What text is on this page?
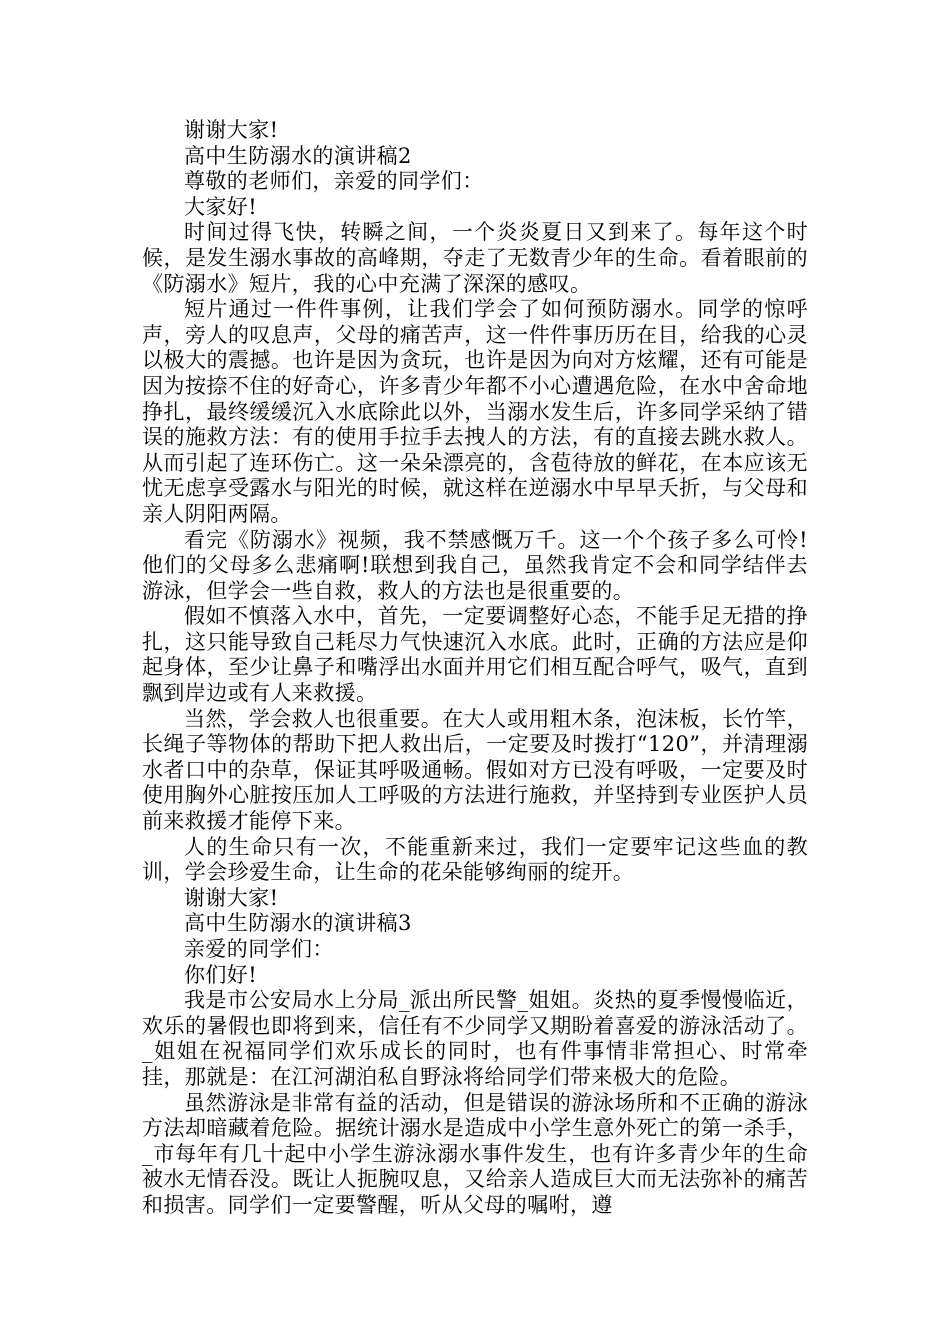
谢谢大家!

高中生防溺水的演讲稿2

尊敬的老师们，亲爱的同学们：

大家好!

时间过得飞快，转瞬之间，一个炎炎夏日又到来了。每年这个时候，是发生溺水事故的高峰期，夺走了无数青少年的生命。看着眼前的《防溺水》短片，我的心中充满了深深的感叹。

短片通过一件件事例，让我们学会了如何预防溺水。同学的惊呼声，旁人的叹息声，父母的痛苦声，这一件件事历历在目，给我的心灵以极大的震撼。也许是因为贪玩，也许是因为向对方炫耀，还有可能是因为按捺不住的好奇心，许多青少年都不小心遭遇危险，在水中舍命地挣扎，最终缓缓沉入水底除此以外，当溺水发生后，许多同学采纳了错误的施救方法：有的使用手拉手去拽人的方法，有的直接去跳水救人。从而引起了连环伤亡。这一朵朵漂亮的，含苞待放的鲜花，在本应该无忧无虑享受露水与阳光的时候，就这样在逆溺水中早早夭折，与父母和亲人阴阳两隔。

看完《防溺水》视频，我不禁感慨万千。这一个个孩子多么可怜!他们的父母多么悲痛啊!联想到我自己，虽然我肯定不会和同学结伴去游泳，但学会一些自救，救人的方法也是很重要的。

假如不慎落入水中，首先，一定要调整好心态，不能手足无措的挣扎，这只能导致自己耗尽力气快速沉入水底。此时，正确的方法应是仰起身体，至少让鼻子和嘴浮出水面并用它们相互配合呼气，吸气，直到飘到岸边或有人来救援。

当然，学会救人也很重要。在大人或用粗木条，泡沫板，长竹竿，长绳子等物体的帮助下把人救出后，一定要及时拨打“120”，并清理溺水者口中的杂草，保证其呼吸通畅。假如对方已没有呼吸，一定要及时使用胸外心脏按压加人工呼吸的方法进行施救，并坚持到专业医护人员前来救援才能停下来。

人的生命只有一次，不能重新来过，我们一定要牢记这些血的教训，学会珍爱生命，让生命的花朵能够绚丽的绽开。

谢谢大家!

高中生防溺水的演讲稿3

亲爱的同学们：

你们好!

我是市公安局水上分局_派出所民警_姐姐。炎热的夏季慢慢临近，欢乐的暑假也即将到来，信任有不少同学又期盼着喜爱的游泳活动了。_姐姐在祝福同学们欢乐成长的同时，也有件事情非常担心、时常牵挂，那就是：在江河湖泊私自野泳将给同学们带来极大的危险。

虽然游泳是非常有益的活动，但是错误的游泳场所和不正确的游泳方法却暗藏着危险。据统计溺水是造成中小学生意外死亡的第一杀手，_市每年有几十起中小学生游泳溺水事件发生，也有许多青少年的生命被水无情吞没。既让人扼腕叹息，又给亲人造成巨大而无法弥补的痛苦和损害。同学们一定要警醒，听从父母的嘱咐，遵
